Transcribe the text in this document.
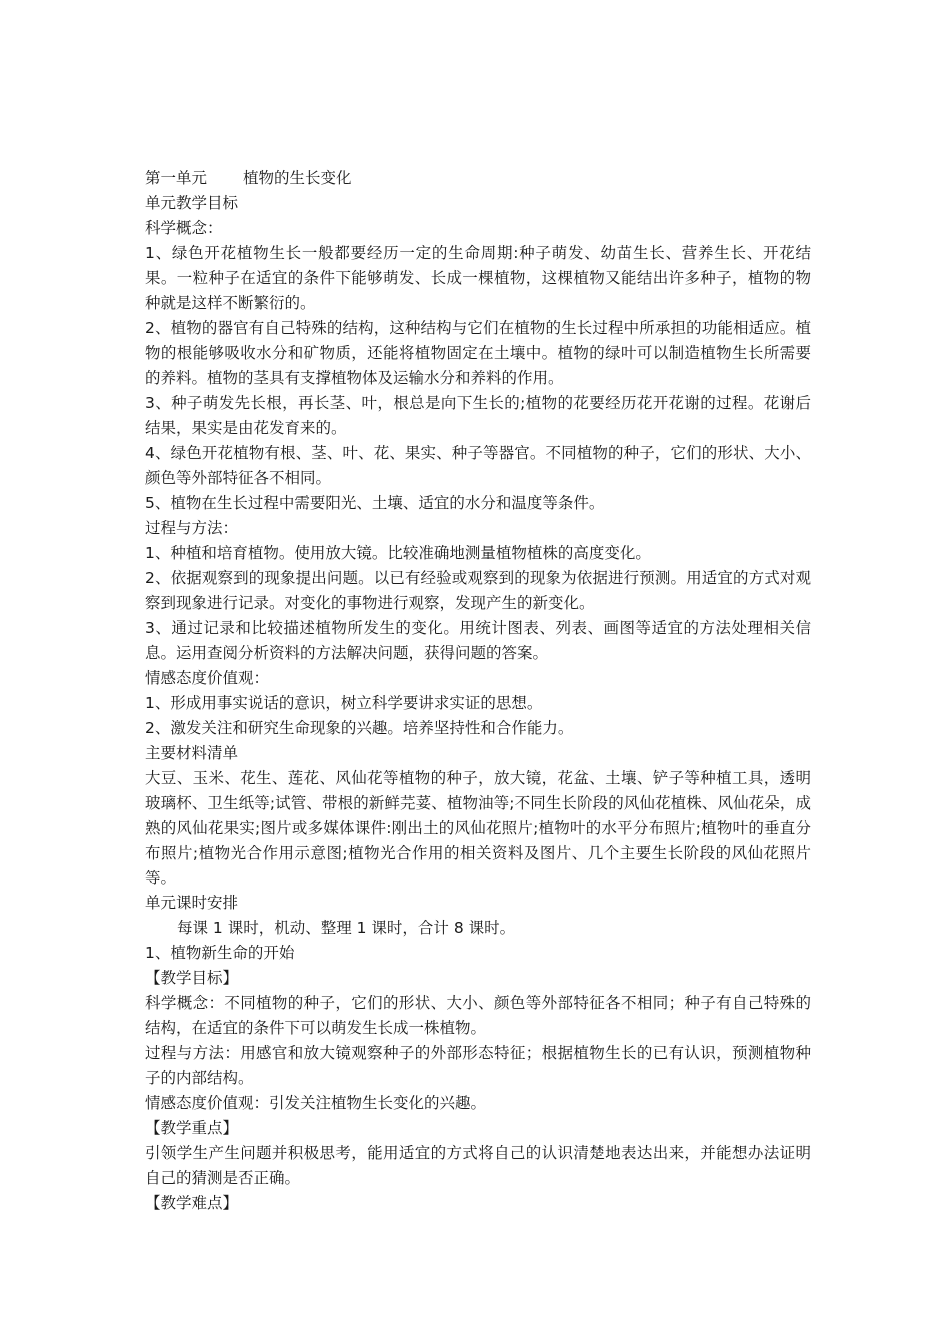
第一单元 植物的生长变化

单元教学目标

科学概念：

1、绿色开花植物生长一般都要经历一定的生命周期:种子萌发、幼苗生长、营养生长、开花结果。一粒种子在适宜的条件下能够萌发、长成一棵植物，这棵植物又能结出许多种子，植物的物种就是这样不断繁衍的。

2、植物的器官有自己特殊的结构，这种结构与它们在植物的生长过程中所承担的功能相适应。植物的根能够吸收水分和矿物质，还能将植物固定在土壤中。植物的绿叶可以制造植物生长所需要的养料。植物的茎具有支撑植物体及运输水分和养料的作用。

3、种子萌发先长根，再长茎、叶，根总是向下生长的;植物的花要经历花开花谢的过程。花谢后结果，果实是由花发育来的。

4、绿色开花植物有根、茎、叶、花、果实、种子等器官。不同植物的种子，它们的形状、大小、颜色等外部特征各不相同。

5、植物在生长过程中需要阳光、土壤、适宜的水分和温度等条件。

过程与方法：

1、种植和培育植物。使用放大镜。比较准确地测量植物植株的高度变化。

2、依据观察到的现象提出问题。以已有经验或观察到的现象为依据进行预测。用适宜的方式对观察到现象进行记录。对变化的事物进行观察，发现产生的新变化。

3、通过记录和比较描述植物所发生的变化。用统计图表、列表、画图等适宜的方法处理相关信息。运用查阅分析资料的方法解决问题，获得问题的答案。

情感态度价值观：

1、形成用事实说话的意识，树立科学要讲求实证的思想。

2、激发关注和研究生命现象的兴趣。培养坚持性和合作能力。

主要材料清单

大豆、玉米、花生、莲花、风仙花等植物的种子，放大镜，花盆、土壤、铲子等种植工具，透明玻璃杯、卫生纸等;试管、带根的新鲜芫荽、植物油等;不同生长阶段的风仙花植株、风仙花朵，成熟的风仙花果实;图片或多媒体课件:刚出土的风仙花照片;植物叶的水平分布照片;植物叶的垂直分布照片;植物光合作用示意图;植物光合作用的相关资料及图片、几个主要生长阶段的风仙花照片等。

单元课时安排

每课 1 课时，机动、整理 1 课时，合计 8 课时。

1、植物新生命的开始

【教学目标】

科学概念：不同植物的种子，它们的形状、大小、颜色等外部特征各不相同；种子有自己特殊的结构，在适宜的条件下可以萌发生长成一株植物。

过程与方法：用感官和放大镜观察种子的外部形态特征；根据植物生长的已有认识，预测植物种子的内部结构。

情感态度价值观：引发关注植物生长变化的兴趣。

【教学重点】

引领学生产生问题并积极思考，能用适宜的方式将自己的认识清楚地表达出来，并能想办法证明自己的猜测是否正确。

【教学难点】
